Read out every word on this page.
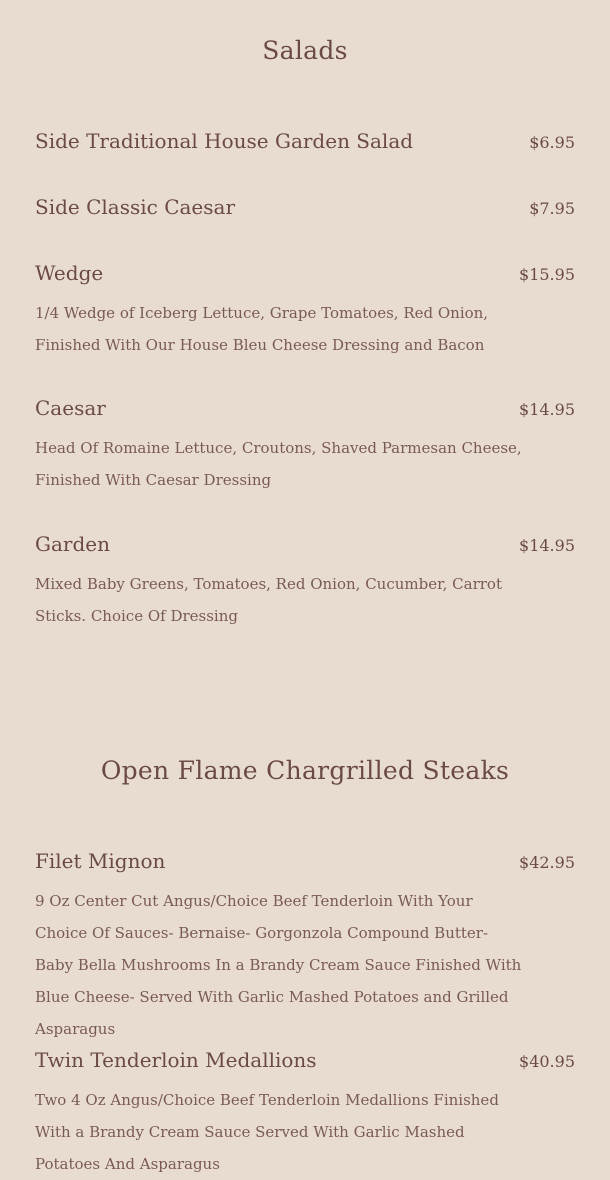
Salads
Side Traditional House Garden Salad	$6.95
Side Classic Caesar	$7.95
Wedge	$15.95
1/4 Wedge of Iceberg Lettuce, Grape Tomatoes, Red Onion, Finished With Our House Bleu Cheese Dressing and Bacon
Caesar	$14.95
Head Of Romaine Lettuce, Croutons, Shaved Parmesan Cheese, Finished With Caesar Dressing
Garden	$14.95
Mixed Baby Greens, Tomatoes, Red Onion, Cucumber, Carrot Sticks. Choice Of Dressing
Open Flame Chargrilled Steaks
Filet Mignon	$42.95
9 Oz Center Cut Angus/Choice Beef Tenderloin With Your Choice Of Sauces- Bernaise- Gorgonzola Compound Butter- Baby Bella Mushrooms In a Brandy Cream Sauce Finished With Blue Cheese- Served With Garlic Mashed Potatoes and Grilled Asparagus
Twin Tenderloin Medallions	$40.95
Two 4 Oz Angus/Choice Beef Tenderloin Medallions Finished With a Brandy Cream Sauce Served With Garlic Mashed Potatoes And Asparagus
